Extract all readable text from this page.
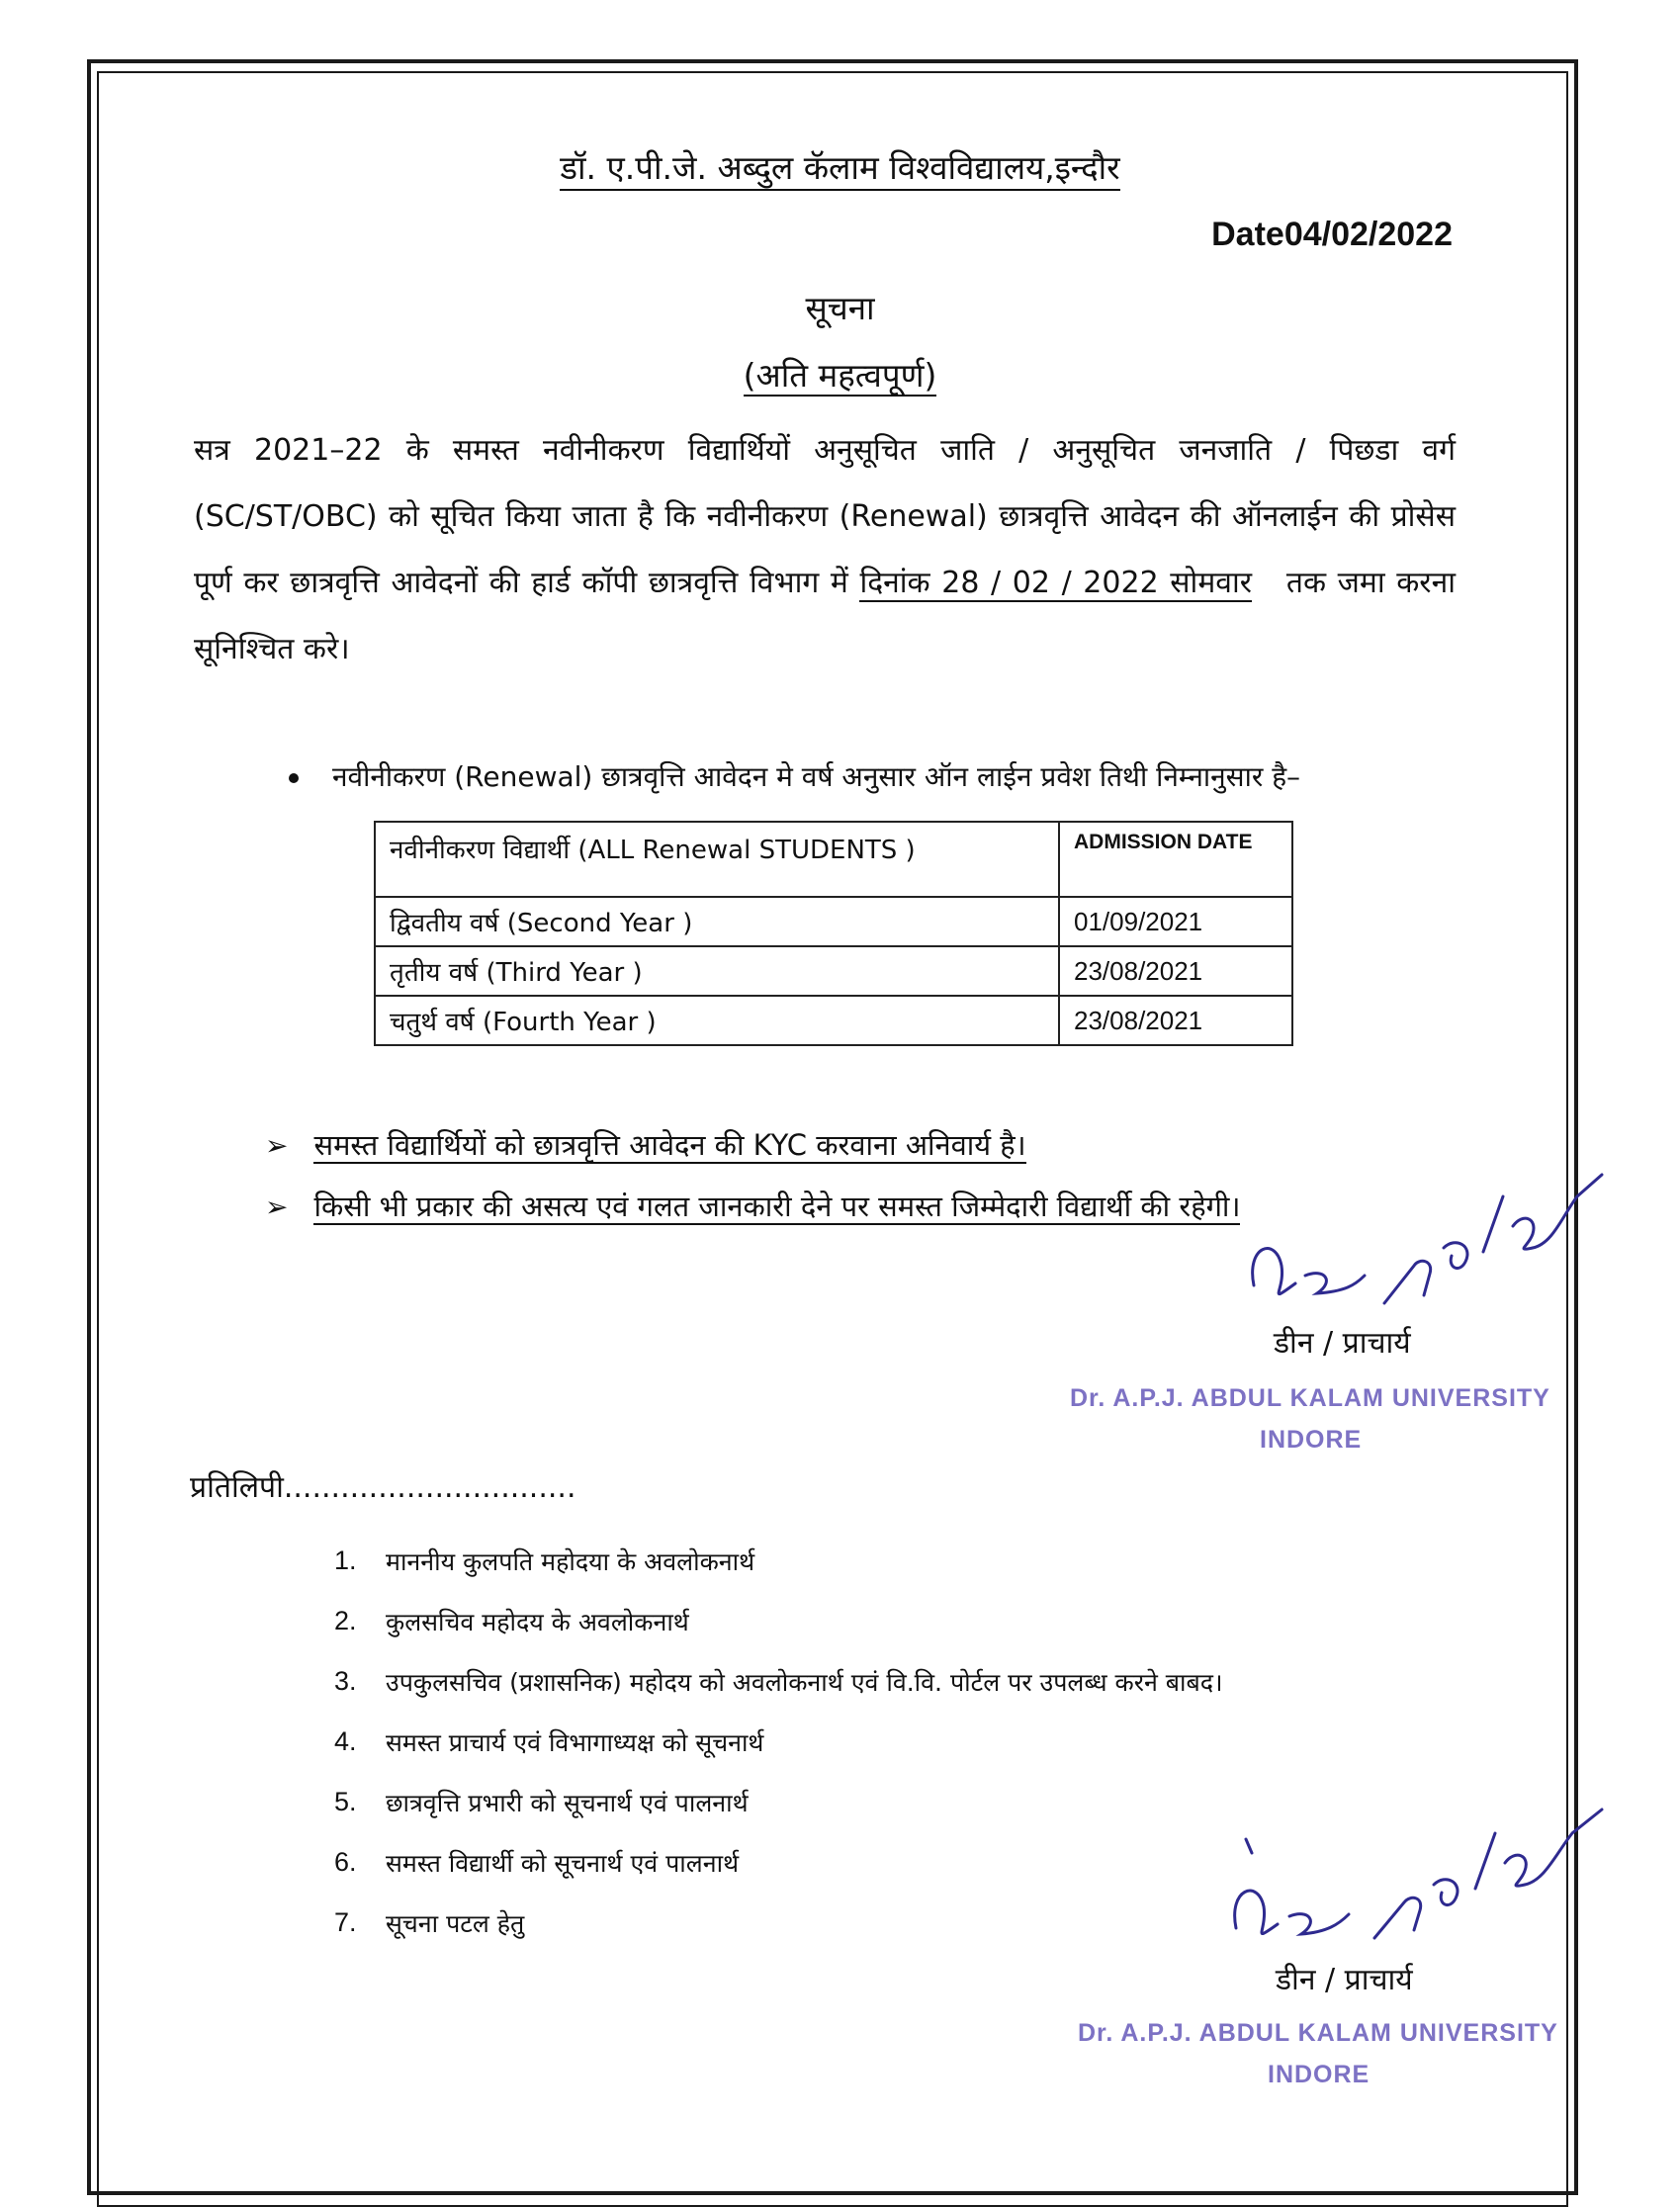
डॉ. ए.पी.जे. अब्दुल कॅलाम विश्वविद्यालय,इन्दौर
Date04/02/2022
सूचना
(अति महत्वपूर्ण)
सत्र 2021–22 के समस्त नवीनीकरण विद्यार्थियों अनुसूचित जाति / अनुसूचित जनजाति / पिछडा वर्ग (SC/ST/OBC) को सूचित किया जाता है कि नवीनीकरण (Renewal) छात्रवृत्ति आवेदन की ऑनलाईन की प्रोसेस पूर्ण कर छात्रवृत्ति आवेदनों की हार्ड कॉपी छात्रवृत्ति विभाग में दिनांक 28 / 02 / 2022 सोमवार तक जमा करना सूनिश्चित करे।
नवीनीकरण (Renewal) छात्रवृत्ति आवेदन मे वर्ष अनुसार ऑन लाईन प्रवेश तिथी निम्नानुसार है–
नवीनीकरण विद्यार्थी (ALL Renewal STUDENTS )	ADMISSION DATE
द्विवतीय वर्ष (Second Year )	01/09/2021
तृतीय वर्ष (Third Year )	23/08/2021
चतुर्थ वर्ष (Fourth Year )	23/08/2021
➢ समस्त विद्यार्थियों को छात्रवृत्ति आवेदन की KYC करवाना अनिवार्य है।
➢ किसी भी प्रकार की असत्य एवं गलत जानकारी देने पर समस्त जिम्मेदारी विद्यार्थी की रहेगी।
डीन / प्राचार्य
Dr. A.P.J. ABDUL KALAM UNIVERSITY
INDORE
प्रतिलिपी...............................
1.	माननीय कुलपति महोदया के अवलोकनार्थ
2.	कुलसचिव महोदय के अवलोकनार्थ
3.	उपकुलसचिव (प्रशासनिक) महोदय को अवलोकनार्थ एवं वि.वि. पोर्टल पर उपलब्ध करने बाबद।
4.	समस्त प्राचार्य एवं विभागाध्यक्ष को सूचनार्थ
5.	छात्रवृत्ति प्रभारी को सूचनार्थ एवं पालनार्थ
6.	समस्त विद्यार्थी को सूचनार्थ एवं पालनार्थ
7.	सूचना पटल हेतु
डीन / प्राचार्य
Dr. A.P.J. ABDUL KALAM UNIVERSITY
INDORE
